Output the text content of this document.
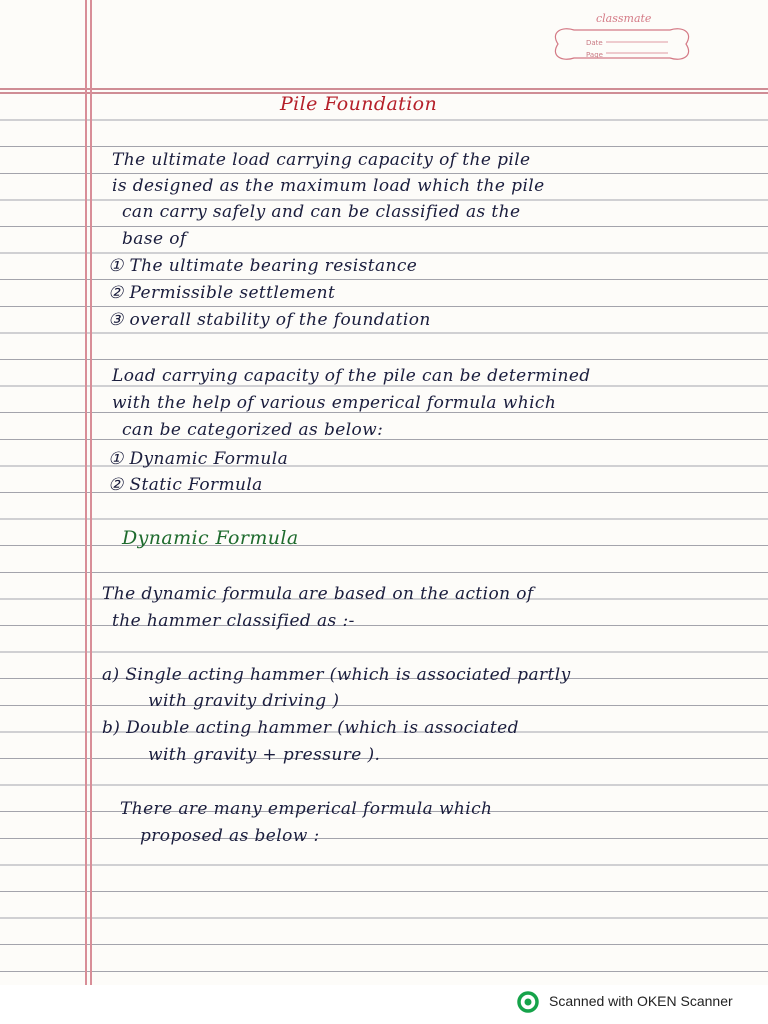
classmate
Date
Page
Pile Foundation
The ultimate load carrying capacity of the pile
is designed as the maximum load which the pile
can carry safely and can be classified as the
base of
① The ultimate bearing resistance
② Permissible settlement
③ overall stability of the foundation
Load carrying capacity of the pile can be determined
with the help of various emperical formula which
can be categorized as below:
① Dynamic Formula
② Static Formula
Dynamic Formula
The dynamic formula are based on the action of
the hammer classified as :-
a) Single acting hammer (which is associated partly
with gravity driving )
b) Double acting hammer (which is associated
with gravity + pressure ).
There are many emperical formula which
proposed as below :
Scanned with OKEN Scanner
